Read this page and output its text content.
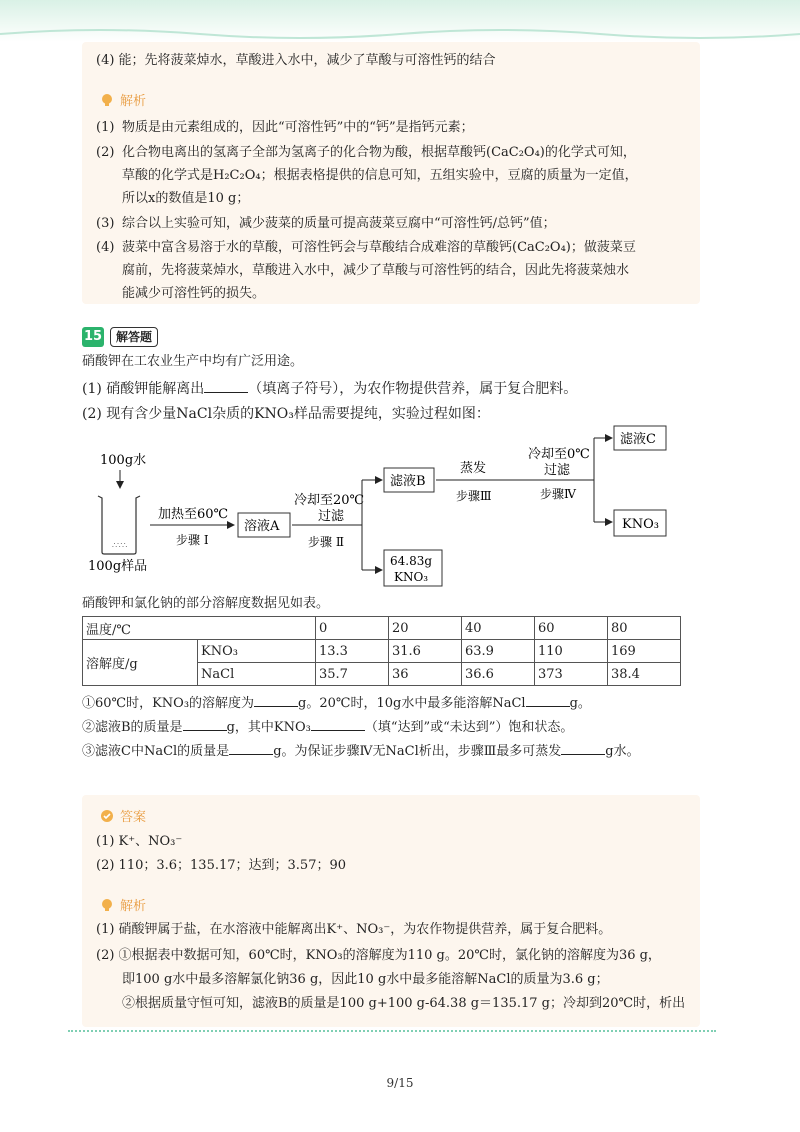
(4) 能；先将菠菜焯水，草酸进入水中，减少了草酸与可溶性钙的结合
解析
(1) 物质是由元素组成的，因此“可溶性钙”中的“钙”是指钙元素；
(2) 化合物电离出的氢离子全部为氢离子的化合物为酸，根据草酸钙(CaC₂O₄)的化学式可知，
草酸的化学式是H₂C₂O₄；根据表格提供的信息可知，五组实验中，豆腐的质量为一定值，
所以x的数值是10 g；
(3) 综合以上实验可知，减少菠菜的质量可提高菠菜豆腐中“可溶性钙/总钙”值；
(4) 菠菜中富含易溶于水的草酸，可溶性钙会与草酸结合成难溶的草酸钙(CaC₂O₄)；做菠菜豆
腐前，先将菠菜焯水，草酸进入水中，减少了草酸与可溶性钙的结合，因此先将菠菜烛水
能减少可溶性钙的损失。
15	解答题
硝酸钾在工农业生产中均有广泛用途。
(1) 硝酸钾能解离出	（填离子符号），为农作物提供营养，属于复合肥料。
(2) 现有含少量NaCl杂质的KNO₃样品需要提纯，实验过程如图：
100g水
∴∵∴
100g样品
加热至60℃
步骤 Ⅰ
溶液A
冷却至20℃
过滤
步骤 Ⅱ
滤液B
64.83g
KNO₃
蒸发
步骤Ⅲ
冷却至0℃
过滤
步骤Ⅳ
滤液C
KNO₃
硝酸钾和氯化钠的部分溶解度数据见如表。
温度/℃		0	20	40	60	80
溶解度/g	KNO₃	13.3	31.6	63.9	110	169
	NaCl	35.7	36	36.6	373	38.4
①60℃时，KNO₃的溶解度为	g。20℃时，10g水中最多能溶解NaCl	g。
②滤液B的质量是	g，其中KNO₃	（填“达到”或“未达到”）饱和状态。
③滤液C中NaCl的质量是	g。为保证步骤Ⅳ无NaCl析出，步骤Ⅲ最多可蒸发	g水。
答案
(1) K⁺、NO₃⁻
(2) 110；3.6；135.17；达到；3.57；90
解析
(1) 硝酸钾属于盐，在水溶液中能解离出K⁺、NO₃⁻，为农作物提供营养，属于复合肥料。
(2) ①根据表中数据可知，60℃时，KNO₃的溶解度为110 g。20℃时，氯化钠的溶解度为36 g，
即100 g水中最多溶解氯化钠36 g，因此10 g水中最多能溶解NaCl的质量为3.6 g；
②根据质量守恒可知，滤液B的质量是100 g+100 g-64.38 g＝135.17 g；冷却到20℃时，析出
9/15
